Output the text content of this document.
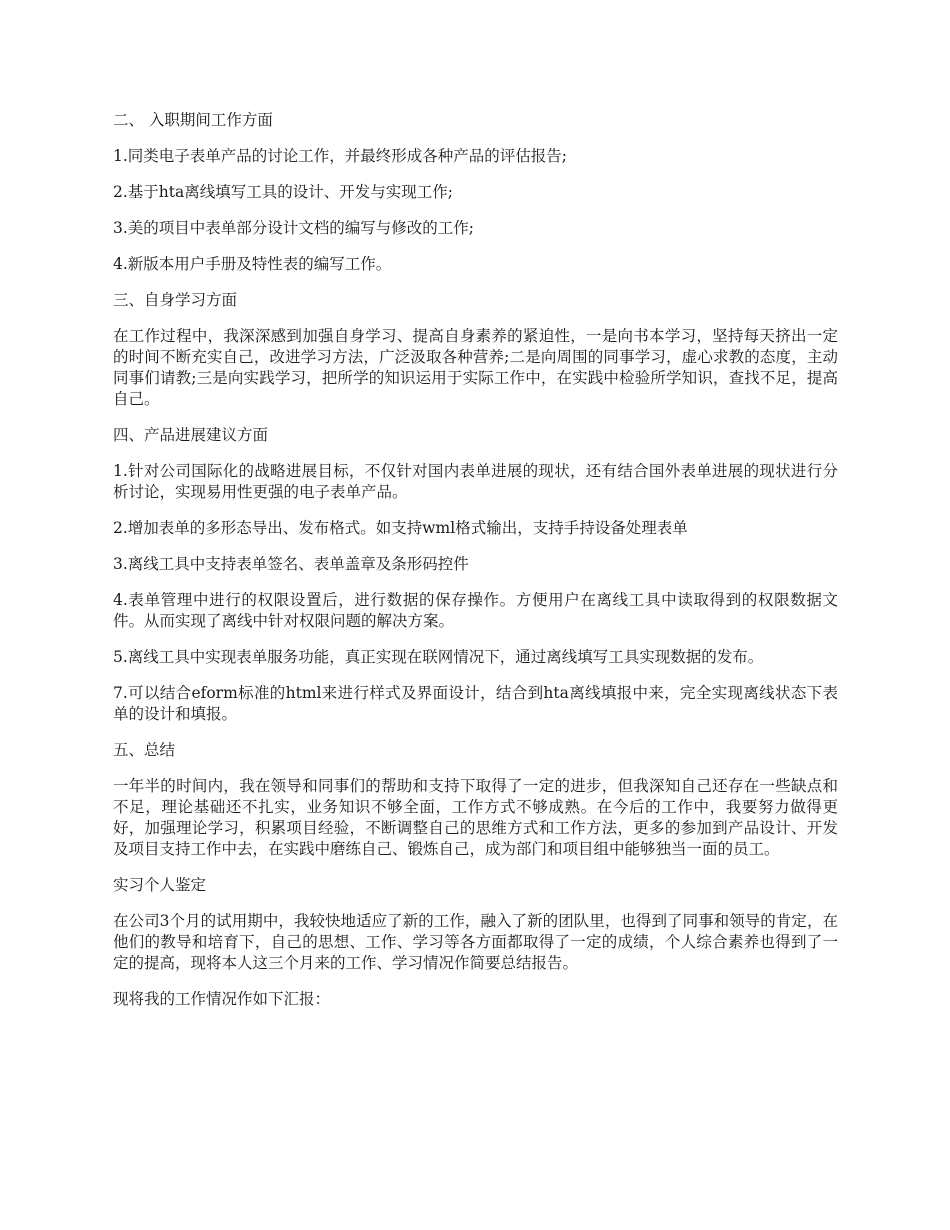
二、 入职期间工作方面

1.同类电子表单产品的讨论工作，并最终形成各种产品的评估报告;

2.基于hta离线填写工具的设计、开发与实现工作;

3.美的项目中表单部分设计文档的编写与修改的工作;

4.新版本用户手册及特性表的编写工作。

三、自身学习方面

在工作过程中，我深深感到加强自身学习、提高自身素养的紧迫性，一是向书本学习，坚持每天挤出一定的时间不断充实自己，改进学习方法，广泛汲取各种营养;二是向周围的同事学习，虚心求教的态度，主动同事们请教;三是向实践学习，把所学的知识运用于实际工作中，在实践中检验所学知识，查找不足，提高自己。

四、产品进展建议方面

1.针对公司国际化的战略进展目标，不仅针对国内表单进展的现状，还有结合国外表单进展的现状进行分析讨论，实现易用性更强的电子表单产品。

2.增加表单的多形态导出、发布格式。如支持wml格式输出，支持手持设备处理表单

3.离线工具中支持表单签名、表单盖章及条形码控件

4.表单管理中进行的权限设置后，进行数据的保存操作。方便用户在离线工具中读取得到的权限数据文件。从而实现了离线中针对权限问题的解决方案。

5.离线工具中实现表单服务功能，真正实现在联网情况下，通过离线填写工具实现数据的发布。

7.可以结合eform标准的html来进行样式及界面设计，结合到hta离线填报中来，完全实现离线状态下表单的设计和填报。

五、总结

一年半的时间内，我在领导和同事们的帮助和支持下取得了一定的进步，但我深知自己还存在一些缺点和不足，理论基础还不扎实，业务知识不够全面，工作方式不够成熟。在今后的工作中，我要努力做得更好，加强理论学习，积累项目经验，不断调整自己的思维方式和工作方法，更多的参加到产品设计、开发及项目支持工作中去，在实践中磨练自己、锻炼自己，成为部门和项目组中能够独当一面的员工。

实习个人鉴定

在公司3个月的试用期中，我较快地适应了新的工作，融入了新的团队里，也得到了同事和领导的肯定，在他们的教导和培育下，自己的思想、工作、学习等各方面都取得了一定的成绩，个人综合素养也得到了一定的提高，现将本人这三个月来的工作、学习情况作简要总结报告。

现将我的工作情况作如下汇报：
